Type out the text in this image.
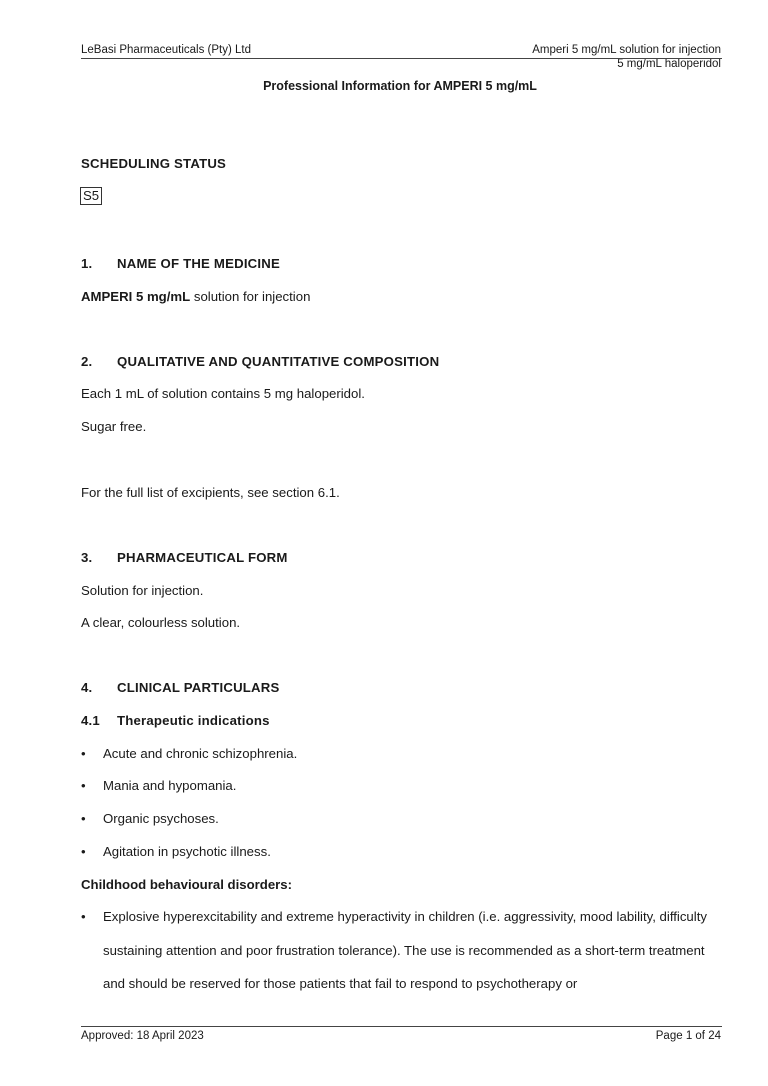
LeBasi Pharmaceuticals (Pty) Ltd	Amperi 5 mg/mL solution for injection
5 mg/mL haloperidol
Professional Information for AMPERI 5 mg/mL
SCHEDULING STATUS
S5
1. NAME OF THE MEDICINE
AMPERI 5 mg/mL solution for injection
2. QUALITATIVE AND QUANTITATIVE COMPOSITION
Each 1 mL of solution contains 5 mg haloperidol.
Sugar free.
For the full list of excipients, see section 6.1.
3. PHARMACEUTICAL FORM
Solution for injection.
A clear, colourless solution.
4. CLINICAL PARTICULARS
4.1 Therapeutic indications
• Acute and chronic schizophrenia.
• Mania and hypomania.
• Organic psychoses.
• Agitation in psychotic illness.
Childhood behavioural disorders:
• Explosive hyperexcitability and extreme hyperactivity in children (i.e. aggressivity, mood lability, difficulty sustaining attention and poor frustration tolerance). The use is recommended as a short-term treatment and should be reserved for those patients that fail to respond to psychotherapy or
Approved: 18 April 2023	Page 1 of 24
